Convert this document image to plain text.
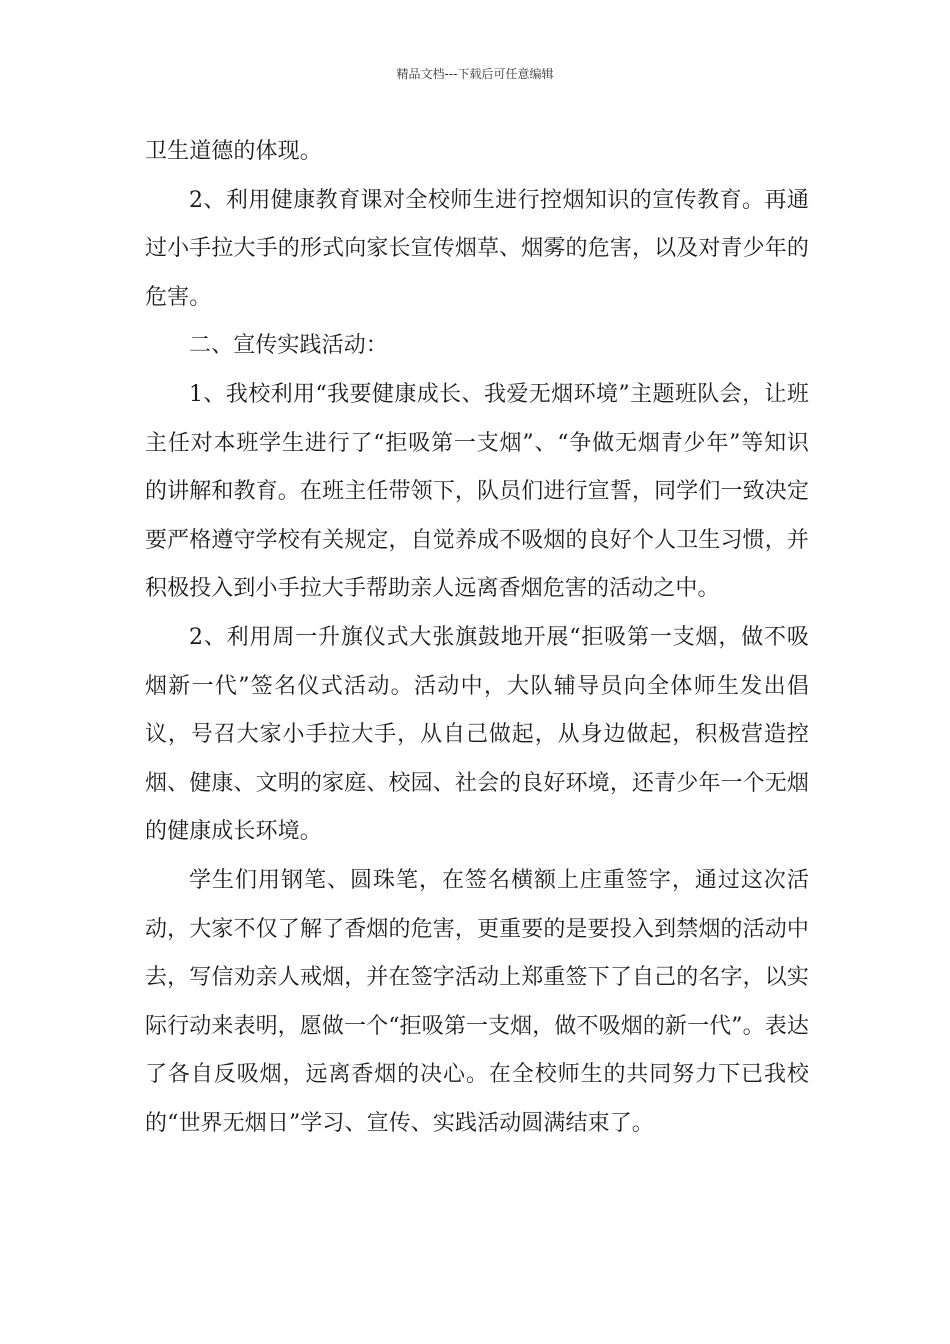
精品文档---下载后可任意编辑

卫生道德的体现。

2、利用健康教育课对全校师生进行控烟知识的宣传教育。再通过小手拉大手的形式向家长宣传烟草、烟雾的危害，以及对青少年的危害。

二、宣传实践活动：

1、我校利用“我要健康成长、我爱无烟环境”主题班队会，让班主任对本班学生进行了“拒吸第一支烟”、“争做无烟青少年”等知识的讲解和教育。在班主任带领下，队员们进行宣誓，同学们一致决定要严格遵守学校有关规定，自觉养成不吸烟的良好个人卫生习惯，并积极投入到小手拉大手帮助亲人远离香烟危害的活动之中。

2、利用周一升旗仪式大张旗鼓地开展“拒吸第一支烟，做不吸烟新一代”签名仪式活动。活动中，大队辅导员向全体师生发出倡议，号召大家小手拉大手，从自己做起，从身边做起，积极营造控烟、健康、文明的家庭、校园、社会的良好环境，还青少年一个无烟的健康成长环境。

学生们用钢笔、圆珠笔，在签名横额上庄重签字，通过这次活动，大家不仅了解了香烟的危害，更重要的是要投入到禁烟的活动中去，写信劝亲人戒烟，并在签字活动上郑重签下了自己的名字，以实际行动来表明，愿做一个“拒吸第一支烟，做不吸烟的新一代”。表达了各自反吸烟，远离香烟的决心。在全校师生的共同努力下已我校的“世界无烟日”学习、宣传、实践活动圆满结束了。
